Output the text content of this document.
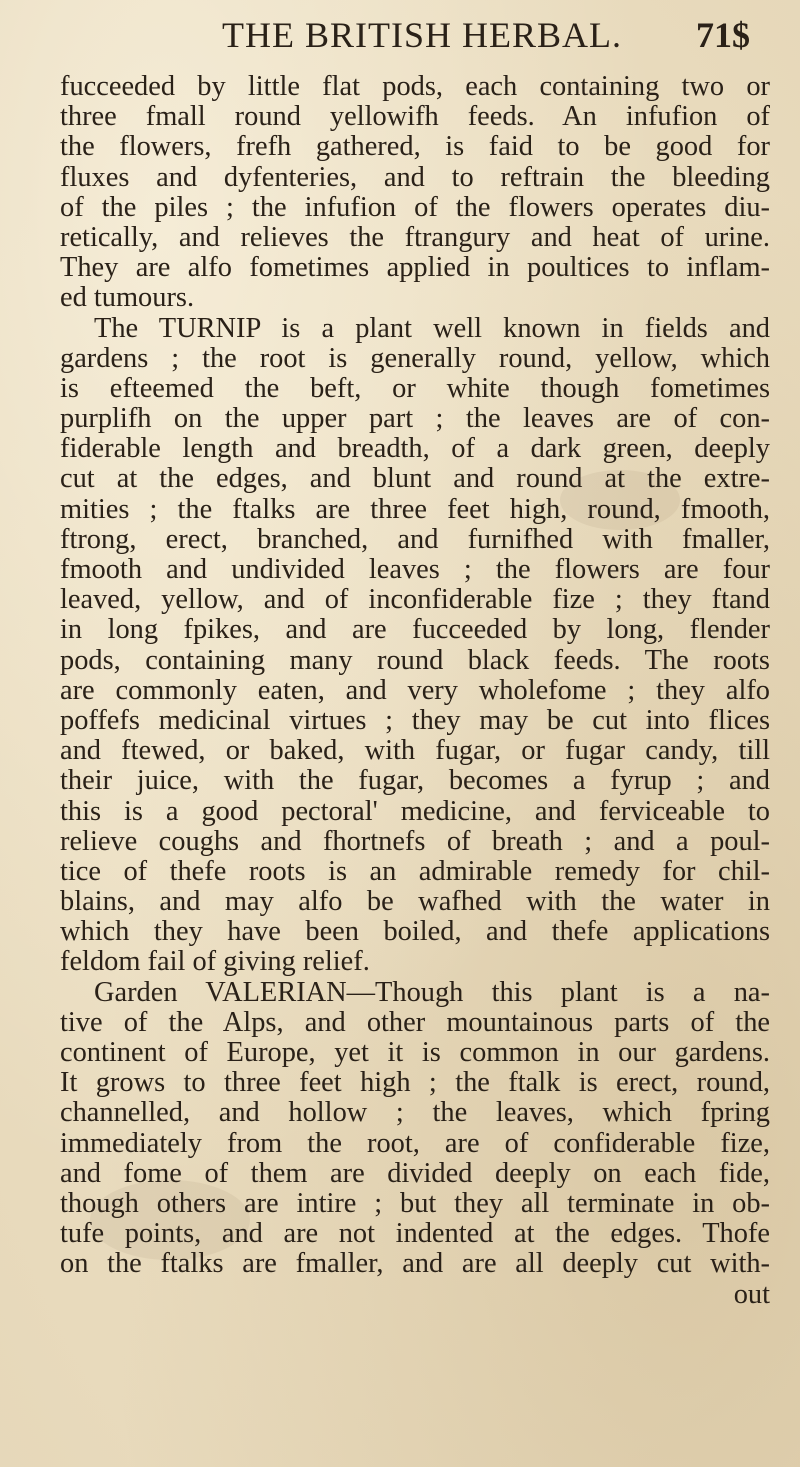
THE BRITISH HERBAL. 71$
fucceeded by little flat pods, each containing two or
three fmall round yellowifh feeds. An infufion of
the flowers, frefh gathered, is faid to be good for
fluxes and dyfenteries, and to reftrain the bleeding
of the piles ; the infufion of the flowers operates diu-
retically, and relieves the ftrangury and heat of urine.
They are alfo fometimes applied in poultices to inflam-
ed tumours.
The TURNIP is a plant well known in fields and
gardens ; the root is generally round, yellow, which
is efteemed the beft, or white though fometimes
purplifh on the upper part ; the leaves are of con-
fiderable length and breadth, of a dark green, deeply
cut at the edges, and blunt and round at the extre-
mities ; the ftalks are three feet high, round, fmooth,
ftrong, erect, branched, and furnifhed with fmaller,
fmooth and undivided leaves ; the flowers are four
leaved, yellow, and of inconfiderable fize ; they ftand
in long fpikes, and are fucceeded by long, flender
pods, containing many round black feeds. The roots
are commonly eaten, and very wholefome ; they alfo
poffefs medicinal virtues ; they may be cut into flices
and ftewed, or baked, with fugar, or fugar candy, till
their juice, with the fugar, becomes a fyrup ; and
this is a good pectoral' medicine, and ferviceable to
relieve coughs and fhortnefs of breath ; and a poul-
tice of thefe roots is an admirable remedy for chil-
blains, and may alfo be wafhed with the water in
which they have been boiled, and thefe applications
feldom fail of giving relief.
Garden VALERIAN—Though this plant is a na-
tive of the Alps, and other mountainous parts of the
continent of Europe, yet it is common in our gardens.
It grows to three feet high ; the ftalk is erect, round,
channelled, and hollow ; the leaves, which fpring
immediately from the root, are of confiderable fize,
and fome of them are divided deeply on each fide,
though others are intire ; but they all terminate in ob-
tufe points, and are not indented at the edges. Thofe
on the ftalks are fmaller, and are all deeply cut with-
out
